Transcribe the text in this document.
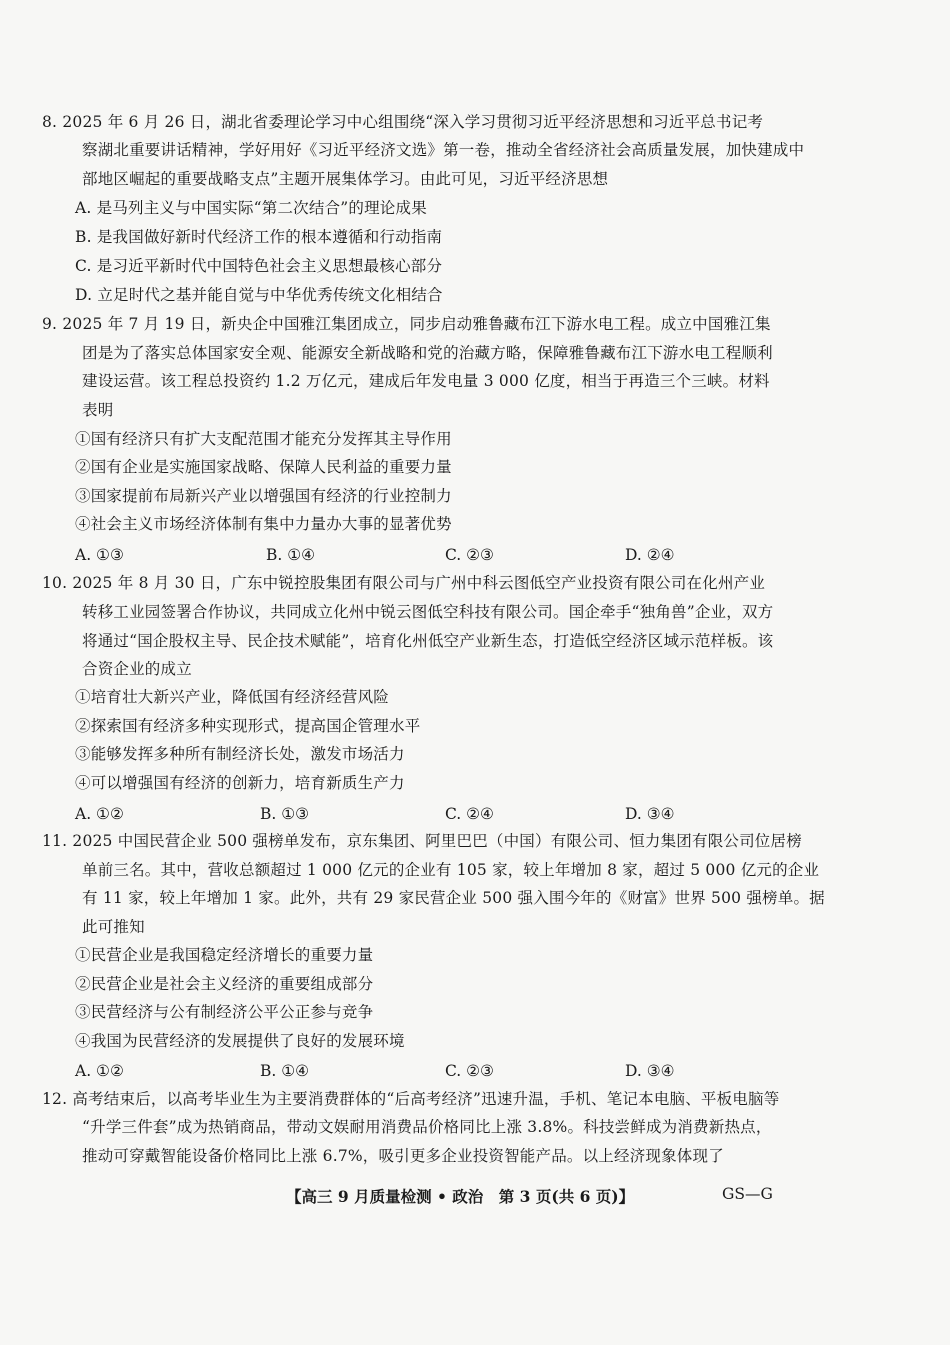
8. 2025 年 6 月 26 日，湖北省委理论学习中心组围绕“深入学习贯彻习近平经济思想和习近平总书记考
察湖北重要讲话精神，学好用好《习近平经济文选》第一卷，推动全省经济社会高质量发展，加快建成中
部地区崛起的重要战略支点”主题开展集体学习。由此可见，习近平经济思想
A. 是马列主义与中国实际“第二次结合”的理论成果
B. 是我国做好新时代经济工作的根本遵循和行动指南
C. 是习近平新时代中国特色社会主义思想最核心部分
D. 立足时代之基并能自觉与中华优秀传统文化相结合
9. 2025 年 7 月 19 日，新央企中国雅江集团成立，同步启动雅鲁藏布江下游水电工程。成立中国雅江集
团是为了落实总体国家安全观、能源安全新战略和党的治藏方略，保障雅鲁藏布江下游水电工程顺利
建设运营。该工程总投资约 1.2 万亿元，建成后年发电量 3 000 亿度，相当于再造三个三峡。材料
表明
①国有经济只有扩大支配范围才能充分发挥其主导作用
②国有企业是实施国家战略、保障人民利益的重要力量
③国家提前布局新兴产业以增强国有经济的行业控制力
④社会主义市场经济体制有集中力量办大事的显著优势
A. ①③	B. ①④	C. ②③	D. ②④
10. 2025 年 8 月 30 日，广东中锐控股集团有限公司与广州中科云图低空产业投资有限公司在化州产业
转移工业园签署合作协议，共同成立化州中锐云图低空科技有限公司。国企牵手“独角兽”企业，双方
将通过“国企股权主导、民企技术赋能”，培育化州低空产业新生态，打造低空经济区域示范样板。该
合资企业的成立
①培育壮大新兴产业，降低国有经济经营风险
②探索国有经济多种实现形式，提高国企管理水平
③能够发挥多种所有制经济长处，激发市场活力
④可以增强国有经济的创新力，培育新质生产力
A. ①②	B. ①③	C. ②④	D. ③④
11. 2025 中国民营企业 500 强榜单发布，京东集团、阿里巴巴（中国）有限公司、恒力集团有限公司位居榜
单前三名。其中，营收总额超过 1 000 亿元的企业有 105 家，较上年增加 8 家，超过 5 000 亿元的企业
有 11 家，较上年增加 1 家。此外，共有 29 家民营企业 500 强入围今年的《财富》世界 500 强榜单。据
此可推知
①民营企业是我国稳定经济增长的重要力量
②民营企业是社会主义经济的重要组成部分
③民营经济与公有制经济公平公正参与竞争
④我国为民营经济的发展提供了良好的发展环境
A. ①②	B. ①④	C. ②③	D. ③④
12. 高考结束后，以高考毕业生为主要消费群体的“后高考经济”迅速升温，手机、笔记本电脑、平板电脑等
“升学三件套”成为热销商品，带动文娱耐用消费品价格同比上涨 3.8%。科技尝鲜成为消费新热点，
推动可穿戴智能设备价格同比上涨 6.7%，吸引更多企业投资智能产品。以上经济现象体现了
【高三 9 月质量检测 • 政治　第 3 页(共 6 页)】	GS—G
